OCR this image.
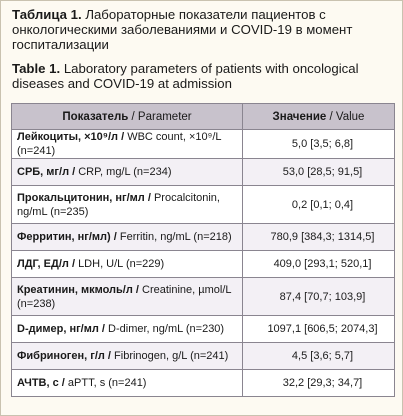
Таблица 1. Лабораторные показатели пациентов с онкологическими заболеваниями и COVID-19 в момент госпитализации
Table 1. Laboratory parameters of patients with oncological diseases and COVID-19 at admission
Показатель / Parameter	Значение / Value
Лейкоциты, ×10⁹/л / WBC count, ×10⁹/L (n=241)	5,0 [3,5; 6,8]
СРБ, мг/л / CRP, mg/L (n=234)	53,0 [28,5; 91,5]
Прокальцитонин, нг/мл / Procalcitonin, ng/mL (n=235)	0,2 [0,1; 0,4]
Ферритин, нг/мл) / Ferritin, ng/mL (n=218)	780,9 [384,3; 1314,5]
ЛДГ, ЕД/л / LDH, U/L (n=229)	409,0 [293,1; 520,1]
Креатинин, мкмоль/л / Creatinine, µmol/L (n=238)	87,4 [70,7; 103,9]
D-димер, нг/мл / D-dimer, ng/mL (n=230)	1097,1 [606,5; 2074,3]
Фибриноген, г/л / Fibrinogen, g/L (n=241)	4,5 [3,6; 5,7]
АЧТВ, с / aPTT, s (n=241)	32,2 [29,3; 34,7]
